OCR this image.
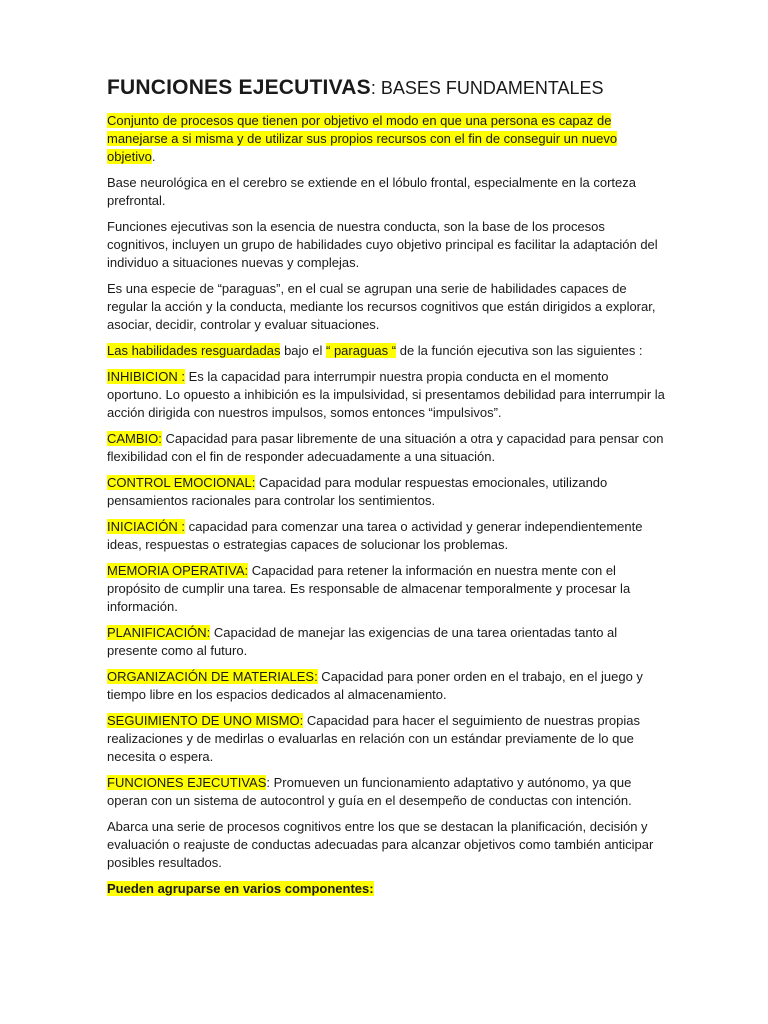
FUNCIONES EJECUTIVAS: BASES FUNDAMENTALES

Conjunto de procesos que tienen por objetivo el modo en que una persona es capaz de manejarse a si misma y de utilizar sus propios recursos con el fin de conseguir un nuevo objetivo.

Base neurológica en el cerebro se extiende en el lóbulo frontal, especialmente en la corteza prefrontal.

Funciones ejecutivas son la esencia de nuestra conducta, son la base de los procesos cognitivos, incluyen un grupo de habilidades cuyo objetivo principal es facilitar la adaptación del individuo a situaciones nuevas y complejas.

Es una especie de “paraguas”, en el cual se agrupan una serie de habilidades capaces de regular la acción y la conducta, mediante los recursos cognitivos que están dirigidos a explorar, asociar, decidir, controlar y evaluar situaciones.

Las habilidades resguardadas bajo el “ paraguas “ de la función ejecutiva son las siguientes :

INHIBICION : Es la capacidad para interrumpir nuestra propia conducta en el momento oportuno. Lo opuesto a inhibición es la impulsividad, si presentamos debilidad para interrumpir la acción dirigida con nuestros impulsos, somos entonces “impulsivos”.

CAMBIO: Capacidad para pasar libremente de una situación a otra y capacidad para pensar con flexibilidad con el fin de responder adecuadamente a una situación.

CONTROL EMOCIONAL: Capacidad para modular respuestas emocionales, utilizando pensamientos racionales para controlar los sentimientos.

INICIACIÓN : capacidad para comenzar una tarea o actividad y generar independientemente ideas, respuestas o estrategias capaces de solucionar los problemas.

MEMORIA OPERATIVA: Capacidad para retener la información en nuestra mente con el propósito de cumplir una tarea. Es responsable de almacenar temporalmente y procesar la información.

PLANIFICACIÓN: Capacidad de manejar las exigencias de una tarea orientadas tanto al presente como al futuro.

ORGANIZACIÓN DE MATERIALES: Capacidad para poner orden en el trabajo, en el juego y tiempo libre en los espacios dedicados al almacenamiento.

SEGUIMIENTO DE UNO MISMO: Capacidad para hacer el seguimiento de nuestras propias realizaciones y de medirlas o evaluarlas en relación con un estándar previamente de lo que necesita o espera.

FUNCIONES EJECUTIVAS: Promueven un funcionamiento adaptativo y autónomo, ya que operan con un sistema de autocontrol y guía en el desempeño de conductas con intención.

Abarca una serie de procesos cognitivos entre los que se destacan la planificación, decisión y evaluación o reajuste de conductas adecuadas para alcanzar objetivos como también anticipar posibles resultados.

Pueden agruparse en varios componentes:
